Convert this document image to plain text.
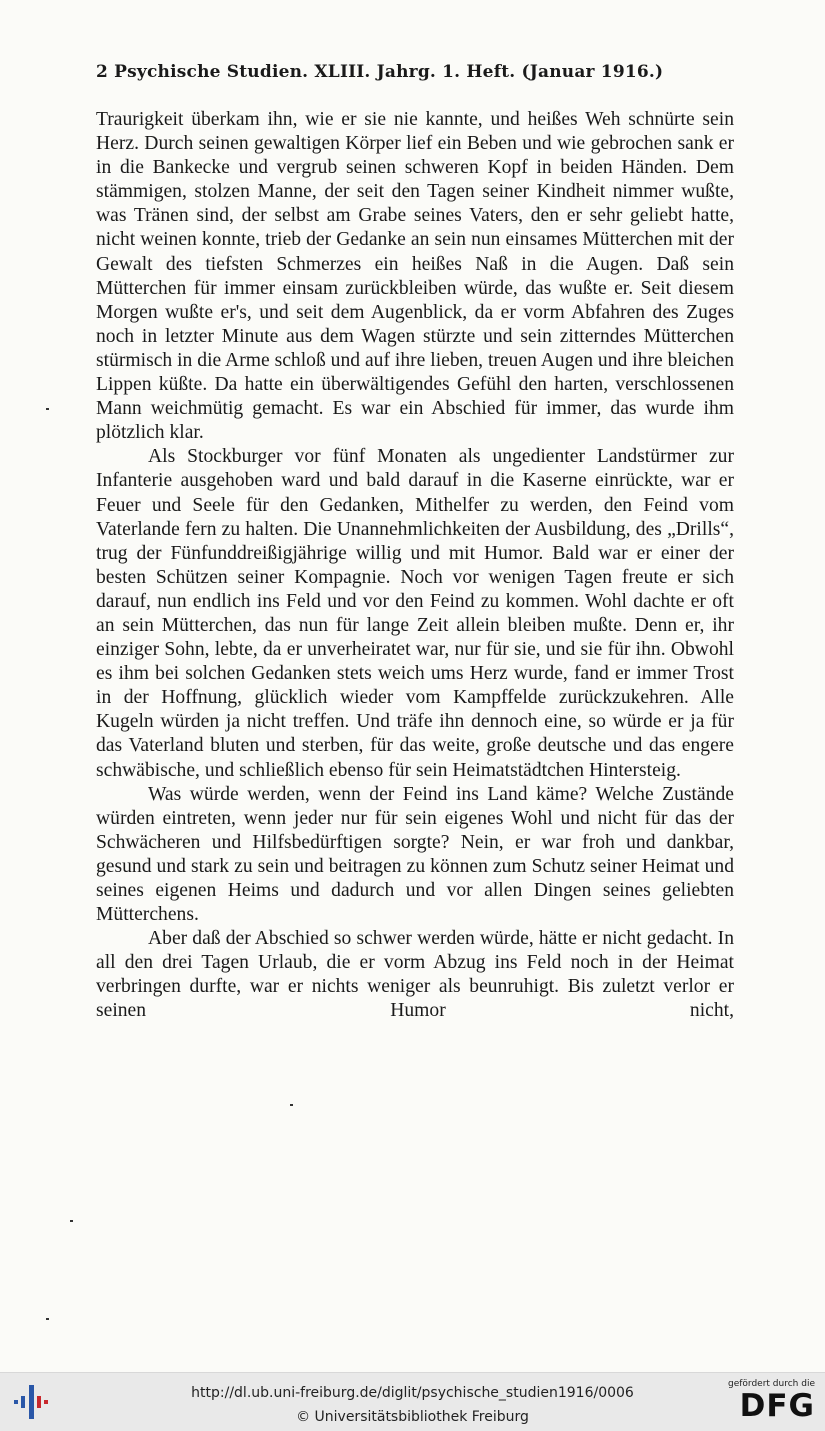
2 Psychische Studien. XLIII. Jahrg. 1. Heft. (Januar 1916.)

Traurigkeit überkam ihn, wie er sie nie kannte, und heißes Weh schnürte sein Herz. Durch seinen gewaltigen Körper lief ein Beben und wie gebrochen sank er in die Bankecke und vergrub seinen schweren Kopf in beiden Händen. Dem stämmigen, stolzen Manne, der seit den Tagen seiner Kindheit nimmer wußte, was Tränen sind, der selbst am Grabe seines Vaters, den er sehr geliebt hatte, nicht weinen konnte, trieb der Gedanke an sein nun einsames Mütterchen mit der Gewalt des tiefsten Schmerzes ein heißes Naß in die Augen. Daß sein Mütterchen für immer einsam zurückbleiben würde, das wußte er. Seit diesem Morgen wußte er's, und seit dem Augenblick, da er vorm Abfahren des Zuges noch in letzter Minute aus dem Wagen stürzte und sein zitterndes Mütterchen stürmisch in die Arme schloß und auf ihre lieben, treuen Augen und ihre bleichen Lippen küßte. Da hatte ein überwältigendes Gefühl den harten, verschlossenen Mann weichmütig gemacht. Es war ein Abschied für immer, das wurde ihm plötzlich klar.

Als Stockburger vor fünf Monaten als ungedienter Landstürmer zur Infanterie ausgehoben ward und bald darauf in die Kaserne einrückte, war er Feuer und Seele für den Gedanken, Mithelfer zu werden, den Feind vom Vaterlande fern zu halten. Die Unannehmlichkeiten der Ausbildung, des „Drills“, trug der Fünfunddreißigjährige willig und mit Humor. Bald war er einer der besten Schützen seiner Kompagnie. Noch vor wenigen Tagen freute er sich darauf, nun endlich ins Feld und vor den Feind zu kommen. Wohl dachte er oft an sein Mütterchen, das nun für lange Zeit allein bleiben mußte. Denn er, ihr einziger Sohn, lebte, da er unverheiratet war, nur für sie, und sie für ihn. Obwohl es ihm bei solchen Gedanken stets weich ums Herz wurde, fand er immer Trost in der Hoffnung, glücklich wieder vom Kampffelde zurückzukehren. Alle Kugeln würden ja nicht treffen. Und träfe ihn dennoch eine, so würde er ja für das Vaterland bluten und sterben, für das weite, große deutsche und das engere schwäbische, und schließlich ebenso für sein Heimatstädtchen Hintersteig.

Was würde werden, wenn der Feind ins Land käme? Welche Zustände würden eintreten, wenn jeder nur für sein eigenes Wohl und nicht für das der Schwächeren und Hilfsbedürftigen sorgte? Nein, er war froh und dankbar, gesund und stark zu sein und beitragen zu können zum Schutz seiner Heimat und seines eigenen Heims und dadurch und vor allen Dingen seines geliebten Mütterchens.

Aber daß der Abschied so schwer werden würde, hätte er nicht gedacht. In all den drei Tagen Urlaub, die er vorm Abzug ins Feld noch in der Heimat verbringen durfte, war er nichts weniger als beunruhigt. Bis zuletzt verlor er seinen Humor nicht,

http://dl.ub.uni-freiburg.de/diglit/psychische_studien1916/0006
© Universitätsbibliothek Freiburg
gefördert durch die
DFG
